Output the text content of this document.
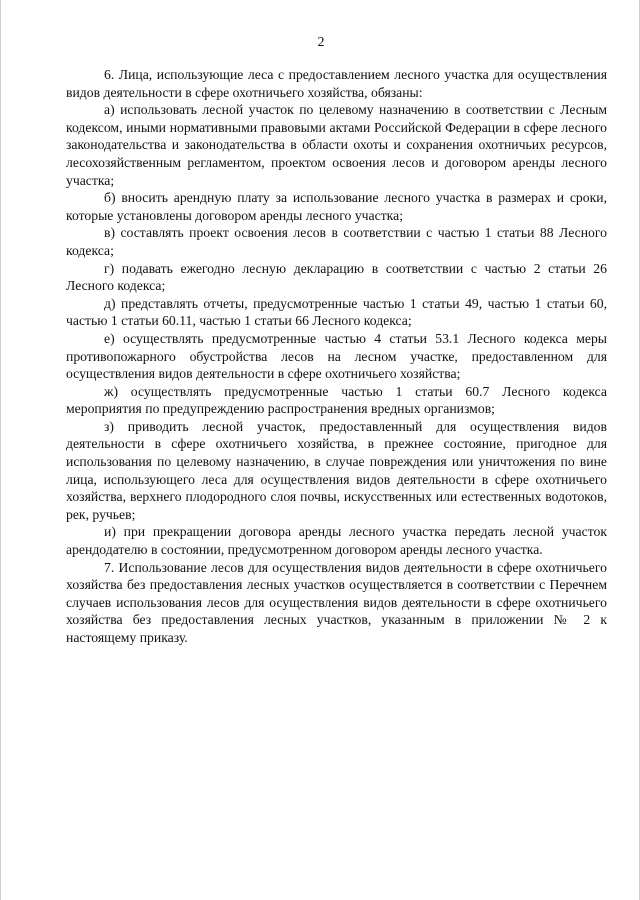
2

6. Лица, использующие леса с предоставлением лесного участка для осуществления видов деятельности в сфере охотничьего хозяйства, обязаны:

а) использовать лесной участок по целевому назначению в соответствии с Лесным кодексом, иными нормативными правовыми актами Российской Федерации в сфере лесного законодательства и законодательства в области охоты и сохранения охотничьих ресурсов, лесохозяйственным регламентом, проектом освоения лесов и договором аренды лесного участка;

б) вносить арендную плату за использование лесного участка в размерах и сроки, которые установлены договором аренды лесного участка;

в) составлять проект освоения лесов в соответствии с частью 1 статьи 88 Лесного кодекса;

г) подавать ежегодно лесную декларацию в соответствии с частью 2 статьи 26 Лесного кодекса;

д) представлять отчеты, предусмотренные частью 1 статьи 49, частью 1 статьи 60, частью 1 статьи 60.11, частью 1 статьи 66 Лесного кодекса;

е) осуществлять предусмотренные частью 4 статьи 53.1 Лесного кодекса меры противопожарного обустройства лесов на лесном участке, предоставленном для осуществления видов деятельности в сфере охотничьего хозяйства;

ж) осуществлять предусмотренные частью 1 статьи 60.7 Лесного кодекса мероприятия по предупреждению распространения вредных организмов;

з) приводить лесной участок, предоставленный для осуществления видов деятельности в сфере охотничьего хозяйства, в прежнее состояние, пригодное для использования по целевому назначению, в случае повреждения или уничтожения по вине лица, использующего леса для осуществления видов деятельности в сфере охотничьего хозяйства, верхнего плодородного слоя почвы, искусственных или естественных водотоков, рек, ручьев;

и) при прекращении договора аренды лесного участка передать лесной участок арендодателю в состоянии, предусмотренном договором аренды лесного участка.

7. Использование лесов для осуществления видов деятельности в сфере охотничьего хозяйства без предоставления лесных участков осуществляется в соответствии с Перечнем случаев использования лесов для осуществления видов деятельности в сфере охотничьего хозяйства без предоставления лесных участков, указанным в приложении № 2 к настоящему приказу.
